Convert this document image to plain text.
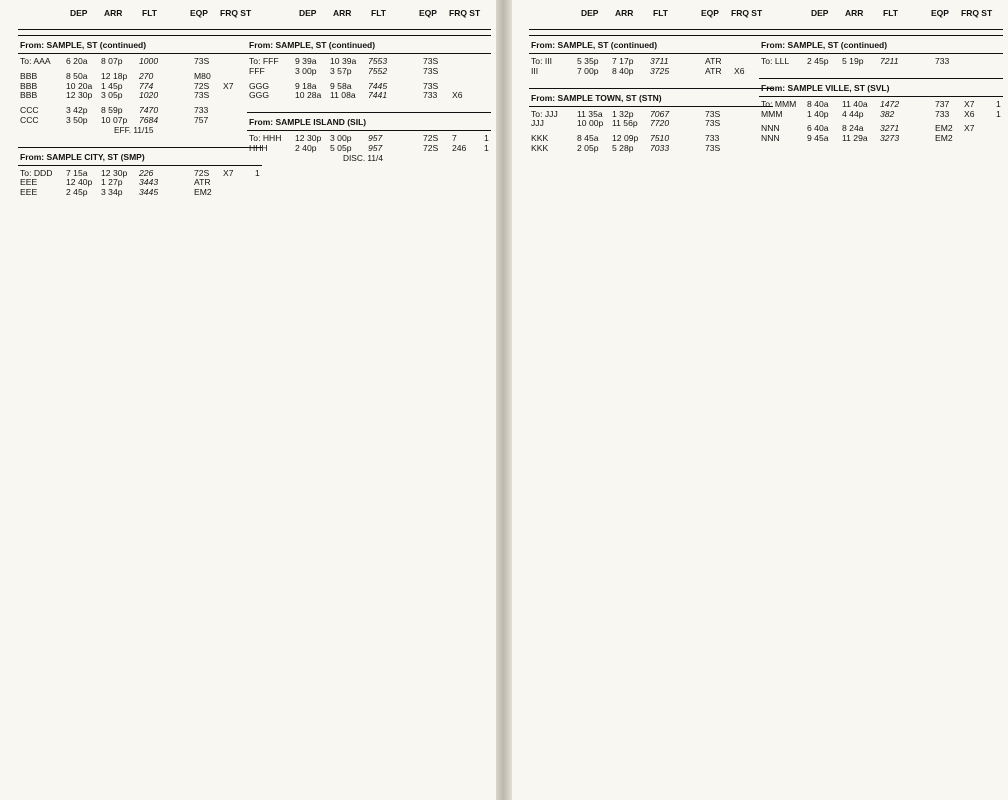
DEP ARR FLT	EQP FRQ ST
From: SAMPLE, ST (continued)
To: AAA 6 20a 8 07p 1000	73S
BBB	8 50a 12 18p 270	M80
BBB	10 20a 1 45p 774	72S X7
BBB	12 30p 3 05p 1020	73S
CCC	3 42p 8 59p 7470	733
CCC	3 50p 10 07p 7684	757
EFF. 11/15
From: SAMPLE CITY, ST (SMP)
To: DDD 7 15a 12 30p 226	72S X7 1
EEE	12 40p 1 27p 3443	ATR
EEE	2 45p 3 34p 3445	EM2
DEP ARR FLT	EQP FRQ ST
From: SAMPLE, ST (continued)
To: FFF 9 39a 10 39a 7553	73S
FFF	3 00p 3 57p 7552	73S
GGG	9 18a 9 58a 7445	73S
GGG	10 28a 11 08a 7441	733 X6
From: SAMPLE ISLAND (SIL)
To: HHH 12 30p 3 00p 957	72S 7	1
HHH	2 40p 5 05p 957	72S 246 1
DISC. 11/4
DEP ARR FLT	EQP FRQ ST
From: SAMPLE, ST (continued)
To: III	5 35p 7 17p 3711	ATR
III	7 00p 8 40p 3725	ATR X6
From: SAMPLE TOWN, ST (STN)
To: JJJ 11 35a 1 32p 7067	73S
JJJ	10 00p 11 56p 7720	73S
KKK	8 45a 12 09p 7510	733
KKK	2 05p 5 28p 7033	73S
DEP ARR FLT	EQP FRQ ST
From: SAMPLE, ST (continued)
To: LLL 2 45p 5 19p 7211	733
From: SAMPLE VILLE, ST (SVL)
To: MMM 8 40a 11 40a 1472	737 X7 1
MMM	1 40p 4 44p 382	733 X6 1
NNN	6 40a 8 24a 3271	EM2 X7
NNN	9 45a 11 29a 3273	EM2
